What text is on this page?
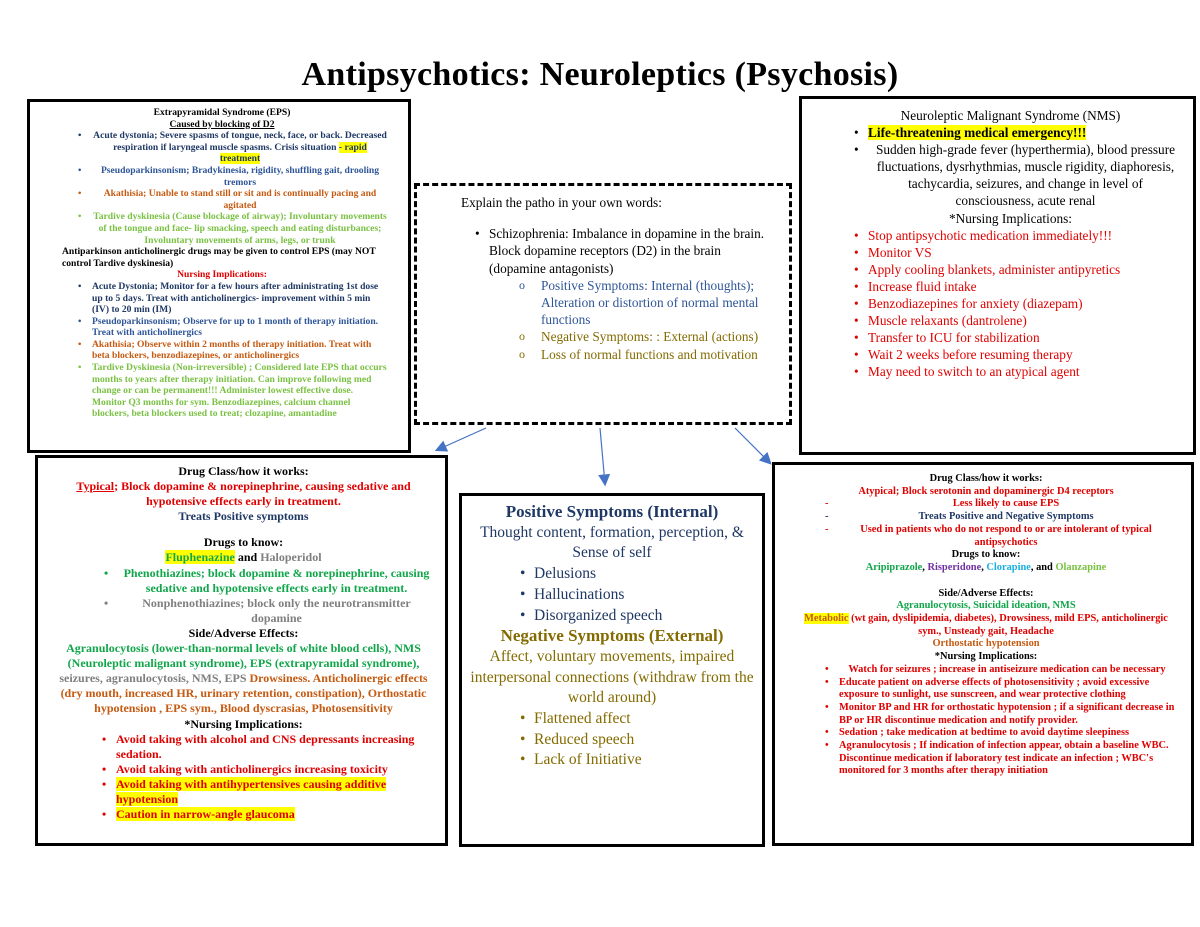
Antipsychotics: Neuroleptics (Psychosis)
Extrapyramidal Syndrome (EPS)
Caused by blocking of D2
• Acute dystonia; Severe spasms of tongue, neck, face, or back. Decreased respiration if laryngeal muscle spasms. Crisis situation - rapid treatment
• Pseudoparkinsonism; Bradykinesia, rigidity, shuffling gait, drooling tremors
• Akathisia; Unable to stand still or sit and is continually pacing and agitated
• Tardive dyskinesia (Cause blockage of airway); Involuntary movements of the tongue and face- lip smacking, speech and eating disturbances; Involuntary movements of arms, legs, or trunk
Antiparkinson anticholinergic drugs may be given to control EPS (may NOT control Tardive dyskinesia)
Nursing Implications:
• Acute Dystonia; Monitor for a few hours after administrating 1st dose up to 5 days. Treat with anticholinergics- improvement within 5 min (IV) to 20 min (IM)
• Pseudoparkinsonism; Observe for up to 1 month of therapy initiation. Treat with anticholinergics
• Akathisia; Observe within 2 months of therapy initiation. Treat with beta blockers, benzodiazepines, or anticholinergics
• Tardive Dyskinesia (Non-irreversible) ; Considered late EPS that occurs months to years after therapy initiation. Can improve following med change or can be permanent!!! Administer lowest effective dose. Monitor Q3 months for sym. Benzodiazepines, calcium channel blockers, beta blockers used to treat; clozapine, amantadine
Explain the patho in your own words:
• Schizophrenia: Imbalance in dopamine in the brain. Block dopamine receptors (D2) in the brain (dopamine antagonists)
o Positive Symptoms: Internal (thoughts); Alteration or distortion of normal mental functions
o Negative Symptoms: : External (actions)
o Loss of normal functions and motivation
Neuroleptic Malignant Syndrome (NMS)
• Life-threatening medical emergency!!!
• Sudden high-grade fever (hyperthermia), blood pressure fluctuations, dysrhythmias, muscle rigidity, diaphoresis, tachycardia, seizures, and change in level of consciousness, acute renal
*Nursing Implications:
• Stop antipsychotic medication immediately!!!
• Monitor VS
• Apply cooling blankets, administer antipyretics
• Increase fluid intake
• Benzodiazepines for anxiety (diazepam)
• Muscle relaxants (dantrolene)
• Transfer to ICU for stabilization
• Wait 2 weeks before resuming therapy
• May need to switch to an atypical agent
Drug Class/how it works:
Typical; Block dopamine & norepinephrine, causing sedative and hypotensive effects early in treatment.
Treats Positive symptoms
Drugs to know:
Fluphenazine and Haloperidol
• Phenothiazines; block dopamine & norepinephrine, causing sedative and hypotensive effects early in treatment.
• Nonphenothiazines; block only the neurotransmitter dopamine
Side/Adverse Effects:
Agranulocytosis (lower-than-normal levels of white blood cells), NMS (Neuroleptic malignant syndrome), EPS (extrapyramidal syndrome), seizures, agranulocytosis, NMS, EPS Drowsiness. Anticholinergic effects (dry mouth, increased HR, urinary retention, constipation), Orthostatic hypotension , EPS sym., Blood dyscrasias, Photosensitivity
*Nursing Implications:
• Avoid taking with alcohol and CNS depressants increasing sedation.
• Avoid taking with anticholinergics increasing toxicity
• Avoid taking with antihypertensives causing additive hypotension
• Caution in narrow-angle glaucoma
Positive Symptoms (Internal)
Thought content, formation, perception, & Sense of self
• Delusions
• Hallucinations
• Disorganized speech
Negative Symptoms (External)
Affect, voluntary movements, impaired interpersonal connections (withdraw from the world around)
• Flattened affect
• Reduced speech
• Lack of Initiative
Drug Class/how it works:
Atypical; Block serotonin and dopaminergic D4 receptors
- Less likely to cause EPS
- Treats Positive and Negative Symptoms
- Used in patients who do not respond to or are intolerant of typical antipsychotics
Drugs to know:
Aripiprazole, Risperidone, Clorapine, and Olanzapine
Side/Adverse Effects:
Agranulocytosis, Suicidal ideation, NMS
Metabolic (wt gain, dyslipidemia, diabetes), Drowsiness, mild EPS, anticholinergic sym., Unsteady gait, Headache
Orthostatic hypotension
*Nursing Implications:
• Watch for seizures ; increase in antiseizure medication can be necessary
• Educate patient on adverse effects of photosensitivity ; avoid excessive exposure to sunlight, use sunscreen, and wear protective clothing
• Monitor BP and HR for orthostatic hypotension ; if a significant decrease in BP or HR discontinue medication and notify provider.
• Sedation ; take medication at bedtime to avoid daytime sleepiness
• Agranulocytosis ; If indication of infection appear, obtain a baseline WBC. Discontinue medication if laboratory test indicate an infection ; WBC's monitored for 3 months after therapy initiation
